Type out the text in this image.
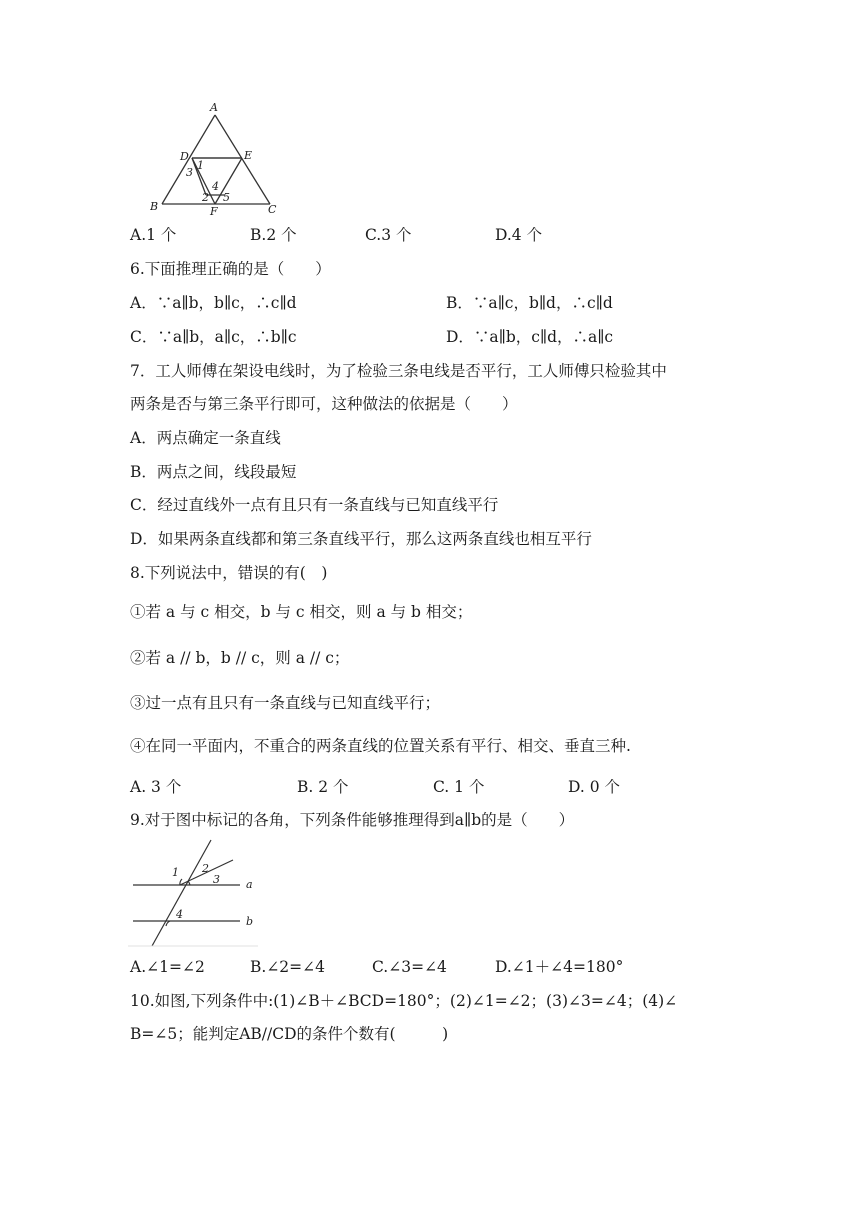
A
B	C
D	E
F
1
2
3
4
5
A.1 个	B.2 个	C.3 个	D.4 个
6.下面推理正确的是（　　）
A．∵a∥b，b∥c，∴c∥d	B．∵a∥c，b∥d，∴c∥d
C．∵a∥b，a∥c，∴b∥c	D．∵a∥b，c∥d，∴a∥c
7．工人师傅在架设电线时，为了检验三条电线是否平行，工人师傅只检验其中
两条是否与第三条平行即可，这种做法的依据是（　　）
A．两点确定一条直线
B．两点之间，线段最短
C．经过直线外一点有且只有一条直线与已知直线平行
D．如果两条直线都和第三条直线平行，那么这两条直线也相互平行
8.下列说法中，错误的有(　)
①若 a 与 c 相交，b 与 c 相交，则 a 与 b 相交；
②若 a // b，b // c，则 a // c；
③过一点有且只有一条直线与已知直线平行；
④在同一平面内，不重合的两条直线的位置关系有平行、相交、垂直三种.
A. 3 个	B. 2 个	C. 1 个	D. 0 个
9.对于图中标记的各角，下列条件能够推理得到a∥b的是（　　）
1 2
3
4
a
b
A.∠1=∠2	B.∠2=∠4	C.∠3=∠4	D.∠1＋∠4=180°
10.如图,下列条件中:(1)∠B＋∠BCD=180°；(2)∠1=∠2；(3)∠3=∠4；(4)∠
B=∠5；能判定AB//CD的条件个数有(　　　)
